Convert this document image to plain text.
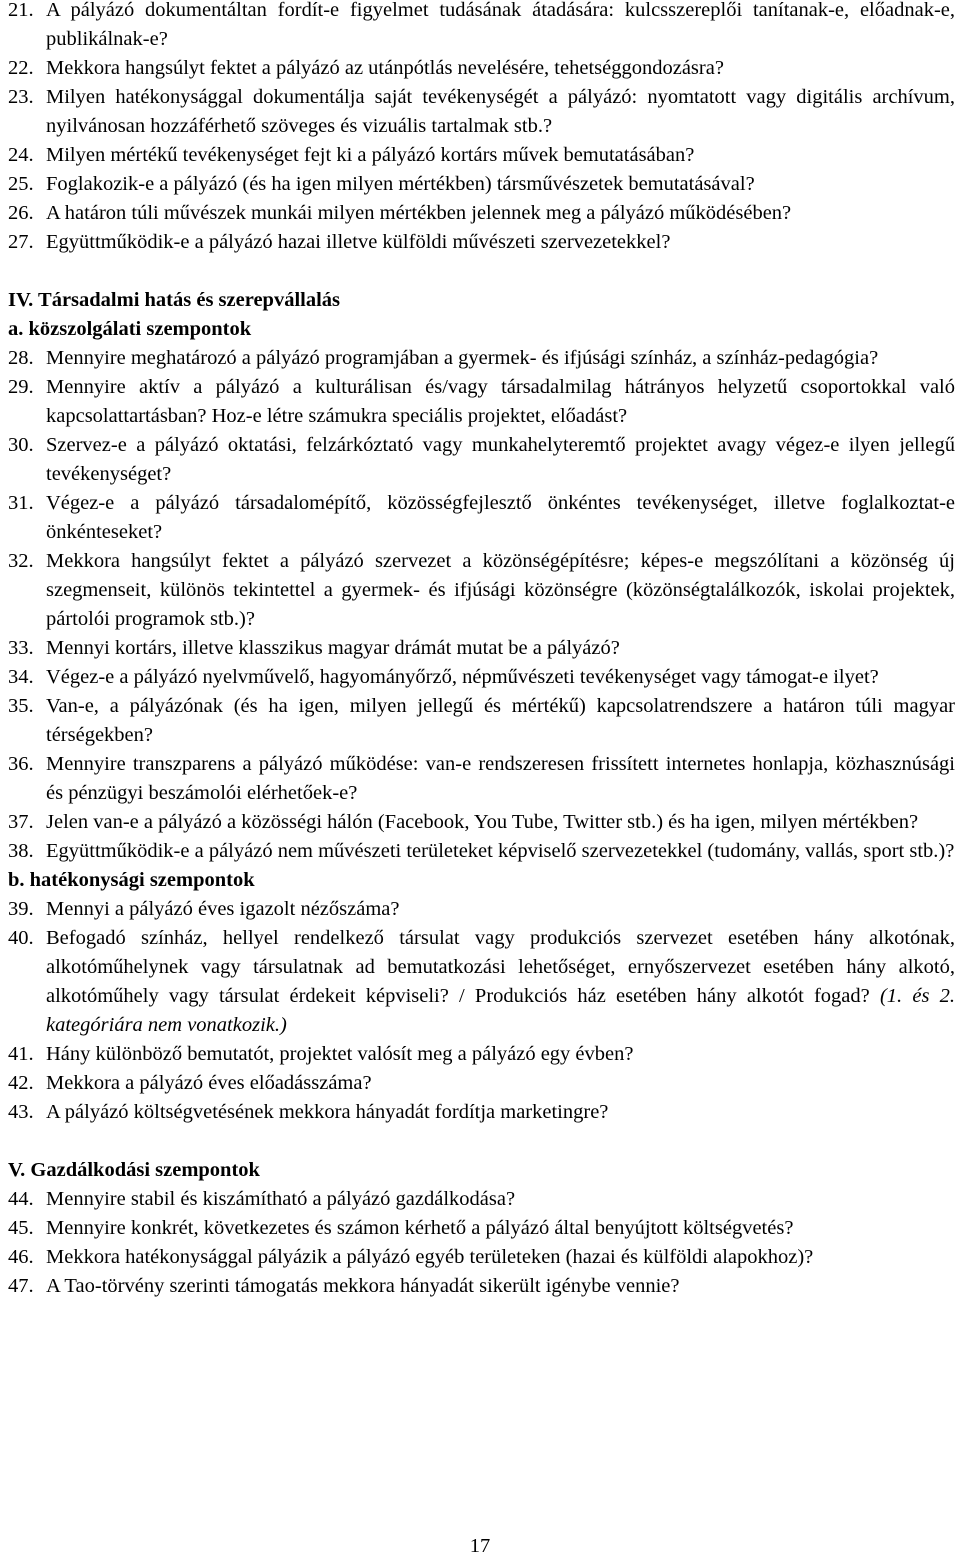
21. A pályázó dokumentáltan fordít-e figyelmet tudásának átadására: kulcsszereplői tanítanak-e, előadnak-e, publikálnak-e?
22. Mekkora hangsúlyt fektet a pályázó az utánpótlás nevelésére, tehetséggondozásra?
23. Milyen hatékonysággal dokumentálja saját tevékenységét a pályázó: nyomtatott vagy digitális archívum, nyilvánosan hozzáférhető szöveges és vizuális tartalmak stb.?
24. Milyen mértékű tevékenységet fejt ki a pályázó kortárs művek bemutatásában?
25. Foglakozik-e a pályázó (és ha igen milyen mértékben) társművészetek bemutatásával?
26. A határon túli művészek munkái milyen mértékben jelennek meg a pályázó működésében?
27. Együttműködik-e a pályázó hazai illetve külföldi művészeti szervezetekkel?
IV. Társadalmi hatás és szerepvállalás
a. közszolgálati szempontok
28. Mennyire meghatározó a pályázó programjában a gyermek- és ifjúsági színház, a színház-pedagógia?
29. Mennyire aktív a pályázó a kulturálisan és/vagy társadalmilag hátrányos helyzetű csoportokkal való kapcsolattartásban? Hoz-e létre számukra speciális projektet, előadást?
30. Szervez-e a pályázó oktatási, felzárkóztató vagy munkahelyteremtő projektet avagy végez-e ilyen jellegű tevékenységet?
31. Végez-e a pályázó társadalomépítő, közösségfejlesztő önkéntes tevékenységet, illetve foglalkoztat-e önkénteseket?
32. Mekkora hangsúlyt fektet a pályázó szervezet a közönségépítésre; képes-e megszólítani a közönség új szegmenseit, különös tekintettel a gyermek- és ifjúsági közönségre (közönségtalálkozók, iskolai projektek, pártolói programok stb.)?
33. Mennyi kortárs, illetve klasszikus magyar drámát mutat be a pályázó?
34. Végez-e a pályázó nyelvművelő, hagyományőrző, népművészeti tevékenységet vagy támogat-e ilyet?
35. Van-e, a pályázónak (és ha igen, milyen jellegű és mértékű) kapcsolatrendszere a határon túli magyar térségekben?
36. Mennyire transzparens a pályázó működése: van-e rendszeresen frissített internetes honlapja, közhasznúsági és pénzügyi beszámolói elérhetőek-e?
37. Jelen van-e a pályázó a közösségi hálón (Facebook, You Tube, Twitter stb.) és ha igen, milyen mértékben?
38. Együttműködik-e a pályázó nem művészeti területeket képviselő szervezetekkel (tudomány, vallás, sport stb.)?
b. hatékonysági szempontok
39. Mennyi a pályázó éves igazolt nézőszáma?
40. Befogadó színház, hellyel rendelkező társulat vagy produkciós szervezet esetében hány alkotónak, alkotóműhelynek vagy társulatnak ad bemutatkozási lehetőséget, ernyőszervezet esetében hány alkotó, alkotóműhely vagy társulat érdekeit képviseli? / Produkciós ház esetében hány alkotót fogad? (1. és 2. kategóriára nem vonatkozik.)
41. Hány különböző bemutatót, projektet valósít meg a pályázó egy évben?
42. Mekkora a pályázó éves előadásszáma?
43. A pályázó költségvetésének mekkora hányadát fordítja marketingre?
V. Gazdálkodási szempontok
44. Mennyire stabil és kiszámítható a pályázó gazdálkodása?
45. Mennyire konkrét, következetes és számon kérhető a pályázó által benyújtott költségvetés?
46. Mekkora hatékonysággal pályázik a pályázó egyéb területeken (hazai és külföldi alapokhoz)?
47. A Tao-törvény szerinti támogatás mekkora hányadát sikerült igénybe vennie?
17
